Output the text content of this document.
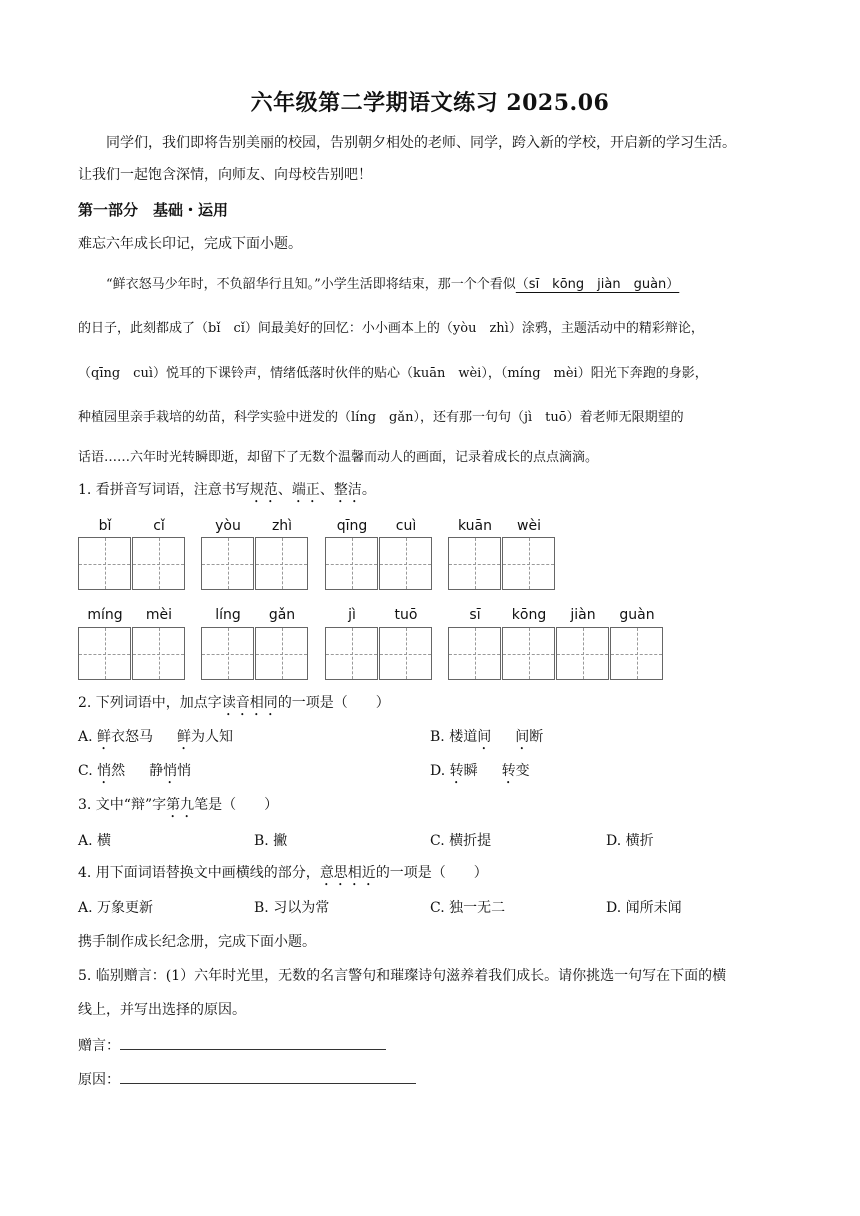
六年级第二学期语文练习 2025.06
同学们，我们即将告别美丽的校园，告别朝夕相处的老师、同学，跨入新的学校，开启新的学习生活。
让我们一起饱含深情，向师友、向母校告别吧！
第一部分　基础・运用
难忘六年成长印记，完成下面小题。
“鲜衣怒马少年时，不负韶华行且知。”小学生活即将结束，那一个个看似（sī　kōng　jiàn　guàn）
的日子，此刻都成了（bǐ　cǐ）间最美好的回忆：小小画本上的（yòu　zhì）涂鸦，主题活动中的精彩辩论，
（qīng　cuì）悦耳的下课铃声，情绪低落时伙伴的贴心（kuān　wèi），（míng　mèi）阳光下奔跑的身影，
种植园里亲手栽培的幼苗，科学实验中迸发的（líng　gǎn），还有那一句句（jì　tuō）着老师无限期望的
话语……六年时光转瞬即逝，却留下了无数个温馨而动人的画面，记录着成长的点点滴滴。
1. 看拼音写词语，注意书写规范、端正、整洁。
bǐ	cǐ	yòu	zhì	qīng	cuì	kuān	wèi
míng	mèi	líng	gǎn	jì	tuō	sī	kōng	jiàn	guàn
2. 下列词语中，加点字读音相同的一项是（　　）
A. 鲜衣怒马 鲜为人知	B. 楼道间 间断
C. 悄然 静悄悄	D. 转瞬 转变
3. 文中“辩”字第九笔是（　　）
A. 横	B. 撇	C. 横折提	D. 横折
4. 用下面词语替换文中画横线的部分，意思相近的一项是（　　）
A. 万象更新	B. 习以为常	C. 独一无二	D. 闻所未闻
携手制作成长纪念册，完成下面小题。
5. 临别赠言：(1）六年时光里，无数的名言警句和璀璨诗句滋养着我们成长。请你挑选一句写在下面的横
线上，并写出选择的原因。
赠言：
原因：
